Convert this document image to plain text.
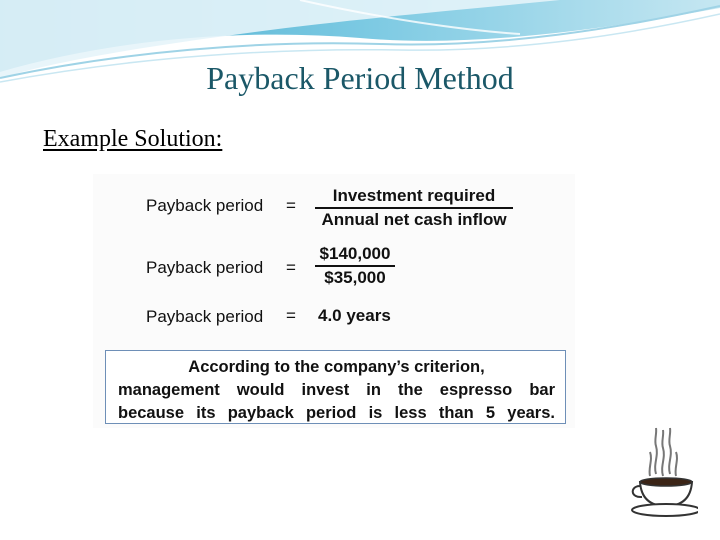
Payback Period Method
Example Solution:
Payback period =
Investment required
Annual net cash inflow
Payback period = $\frac{\$140,000}{\$35,000}$
Payback period = 4.0 years
According to the company’s criterion,
management would invest in the espresso bar
because its payback period is less than 5 years.
